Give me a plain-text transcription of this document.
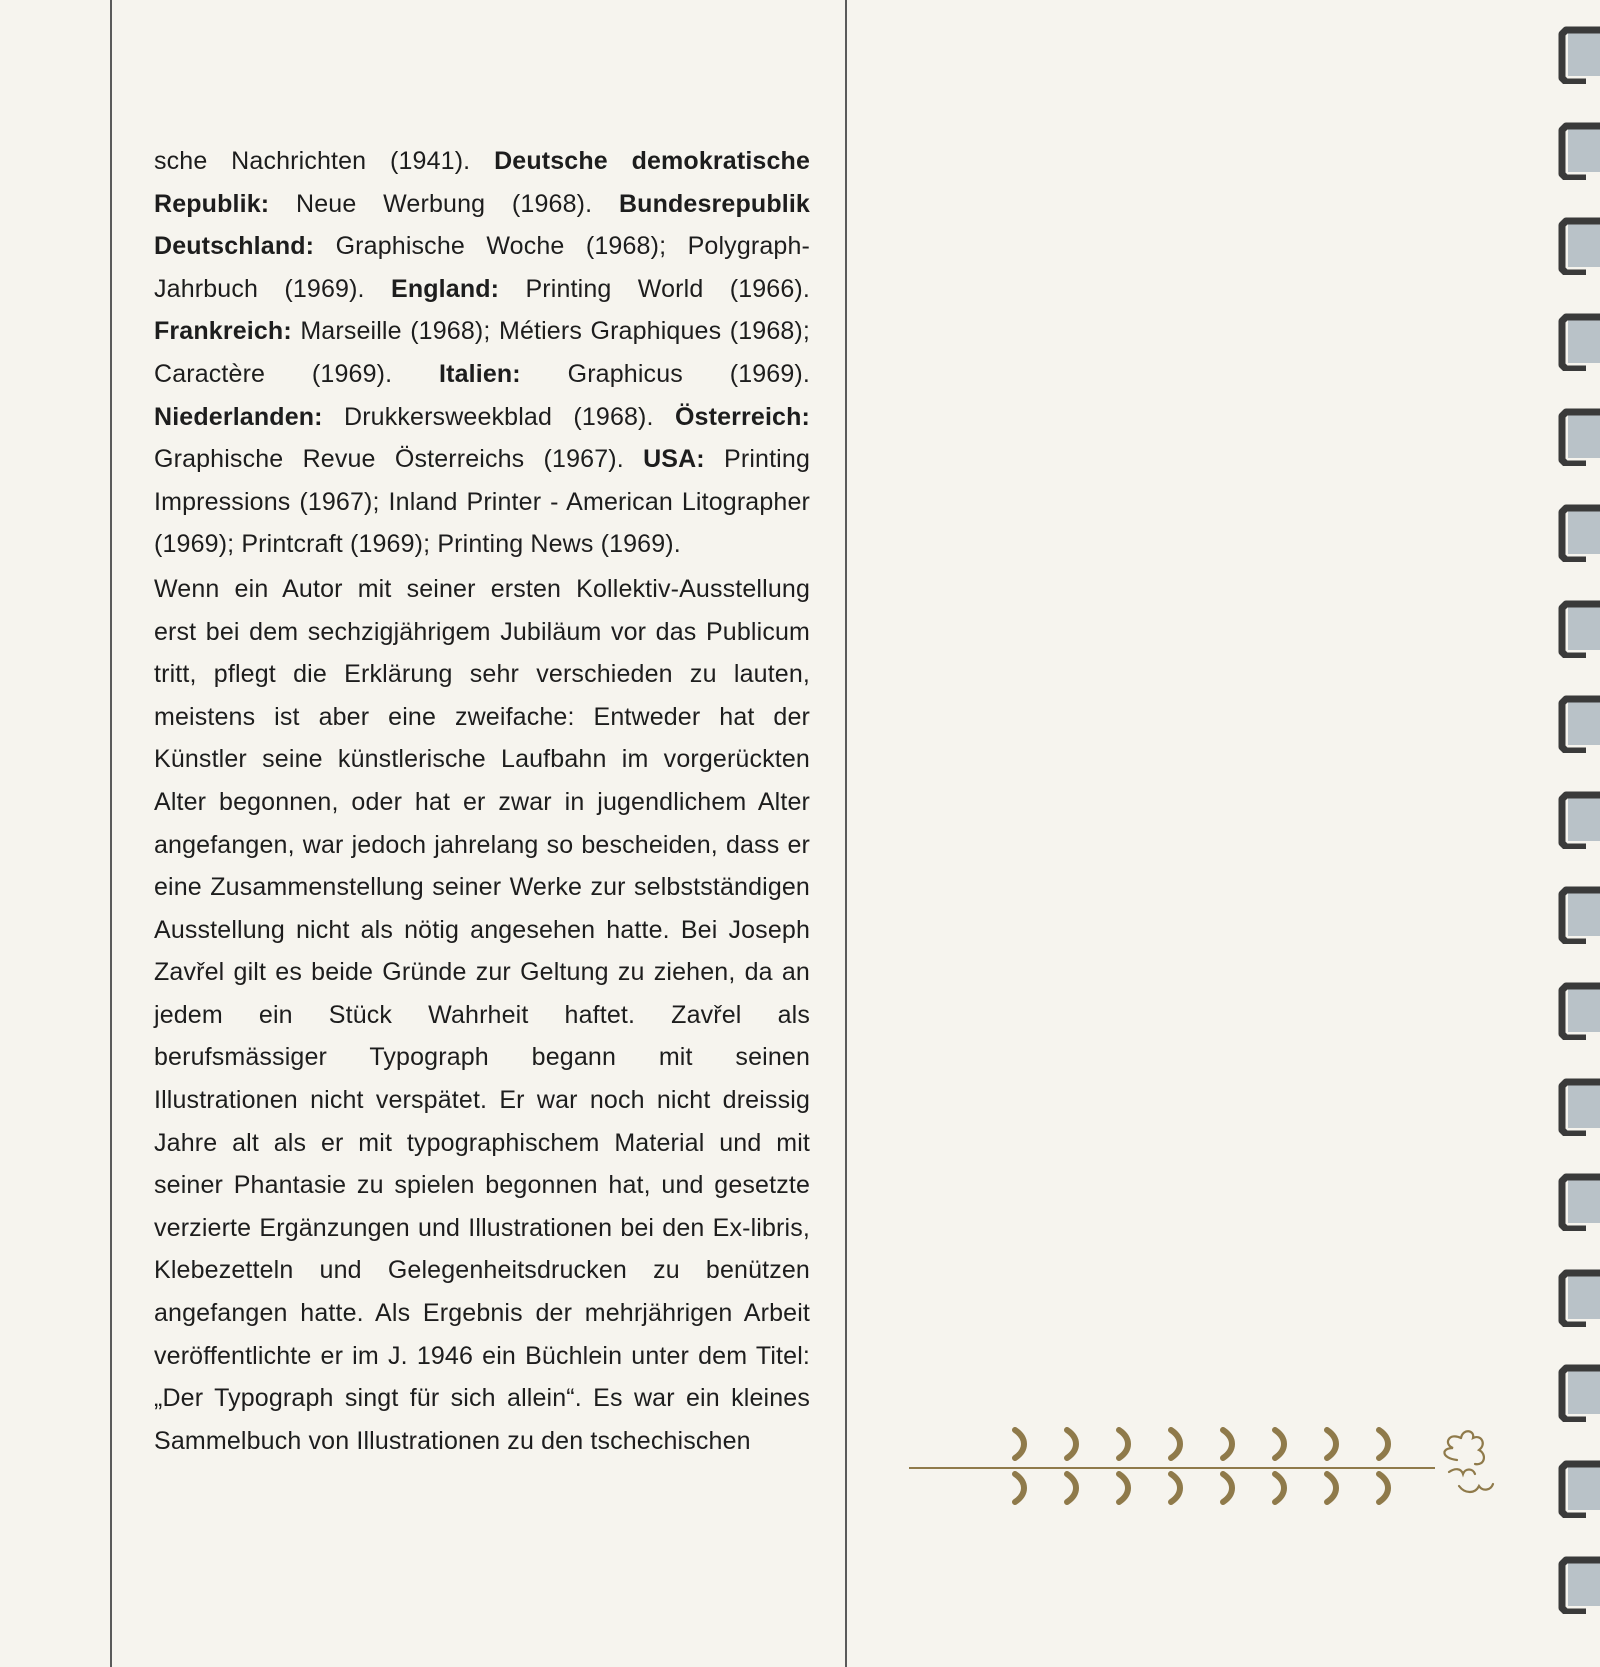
sche Nachrichten (1941). Deutsche demokratische Republik: Neue Werbung (1968). Bundesrepublik Deutschland: Graphische Woche (1968); Polygraph-Jahrbuch (1969). England: Printing World (1966). Frankreich: Marseille (1968); Métiers Graphiques (1968); Caractère (1969). Italien: Graphicus (1969). Niederlanden: Drukkersweekblad (1968). Österreich: Graphische Revue Österreichs (1967). USA: Printing Impressions (1967); Inland Printer - American Litographer (1969); Printcraft (1969); Printing News (1969).

Wenn ein Autor mit seiner ersten Kollektiv-Ausstellung erst bei dem sechzigjährigem Jubiläum vor das Publicum tritt, pflegt die Erklärung sehr verschieden zu lauten, meistens ist aber eine zweifache: Entweder hat der Künstler seine künstlerische Laufbahn im vorgerückten Alter begonnen, oder hat er zwar in jugendlichem Alter angefangen, war jedoch jahrelang so bescheiden, dass er eine Zusammenstellung seiner Werke zur selbstständigen Ausstellung nicht als nötig angesehen hatte. Bei Joseph Zavřel gilt es beide Gründe zur Geltung zu ziehen, da an jedem ein Stück Wahrheit haftet. Zavřel als berufsmässiger Typograph begann mit seinen Illustrationen nicht verspätet. Er war noch nicht dreissig Jahre alt als er mit typographischem Material und mit seiner Phantasie zu spielen begonnen hat, und gesetzte verzierte Ergänzungen und Illustrationen bei den Ex-libris, Klebezetteln und Gelegenheitsdrucken zu benützen angefangen hatte. Als Ergebnis der mehrjährigen Arbeit veröffentlichte er im J. 1946 ein Büchlein unter dem Titel: „Der Typograph singt für sich allein“. Es war ein kleines Sammelbuch von Illustrationen zu den tschechischen
